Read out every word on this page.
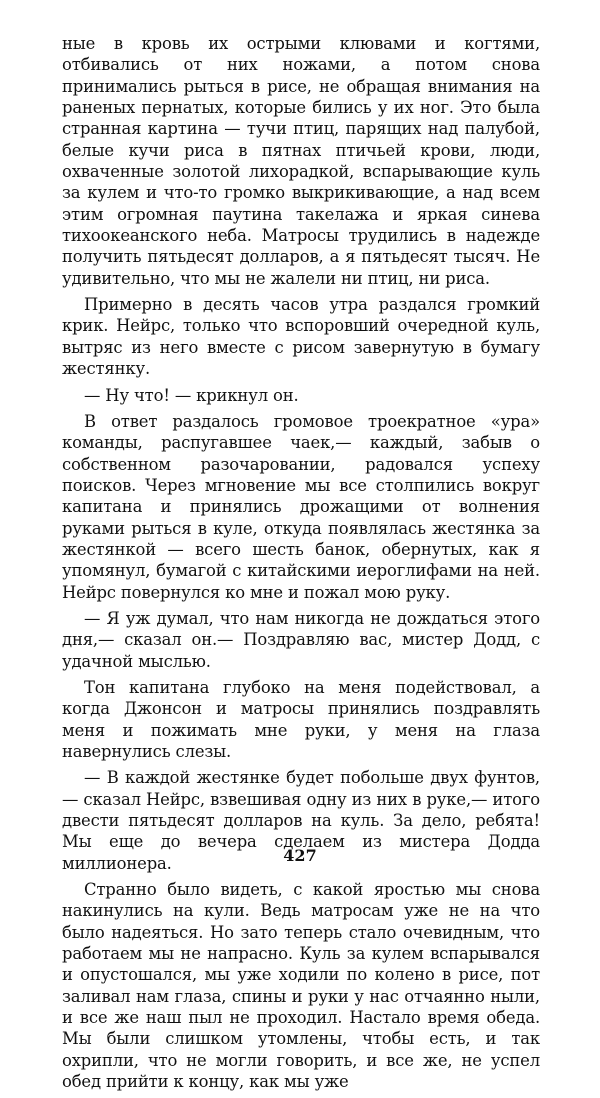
ные в кровь их острыми клювами и когтями, отбивались от них ножами, а потом снова принимались рыться в рисе, не обращая внимания на раненых пернатых, которые бились у их ног. Это была странная картина — тучи птиц, парящих над палубой, белые кучи риса в пятнах птичьей крови, люди, охваченные золотой лихорадкой, вспарывающие куль за кулем и что-то громко выкрикивающие, а над всем этим огромная паутина такелажа и яркая синева тихоокеанского неба. Матросы трудились в надежде получить пятьдесят долларов, а я пятьдесят тысяч. Не удивительно, что мы не жалели ни птиц, ни риса.

Примерно в десять часов утра раздался громкий крик. Нейрс, только что вспоровший очередной куль, вытряс из него вместе с рисом завернутую в бумагу жестянку.

— Ну что! — крикнул он.

В ответ раздалось громовое троекратное «ура» команды, распугавшее чаек,— каждый, забыв о собственном разочаровании, радовался успеху поисков. Через мгновение мы все столпились вокруг капитана и принялись дрожащими от волнения руками рыться в куле, откуда появлялась жестянка за жестянкой — всего шесть банок, обернутых, как я упомянул, бумагой с китайскими иероглифами на ней. Нейрс повернулся ко мне и пожал мою руку.

— Я уж думал, что нам никогда не дождаться этого дня,— сказал он.— Поздравляю вас, мистер Додд, с удачной мыслью.

Тон капитана глубоко на меня подействовал, а когда Джонсон и матросы принялись поздравлять меня и пожимать мне руки, у меня на глаза навернулись слезы.

— В каждой жестянке будет побольше двух фунтов,— сказал Нейрс, взвешивая одну из них в руке,— итого двести пятьдесят долларов на куль. За дело, ребята! Мы еще до вечера сделаем из мистера Додда миллионера.

Странно было видеть, с какой яростью мы снова накинулись на кули. Ведь матросам уже не на что было надеяться. Но зато теперь стало очевидным, что работаем мы не напрасно. Куль за кулем вспарывался и опустошался, мы уже ходили по колено в рисе, пот заливал нам глаза, спины и руки у нас отчаянно ныли, и все же наш пыл не проходил. Настало время обеда. Мы были слишком утомлены, чтобы есть, и так охрипли, что не могли говорить, и все же, не успел обед прийти к концу, как мы уже

427
